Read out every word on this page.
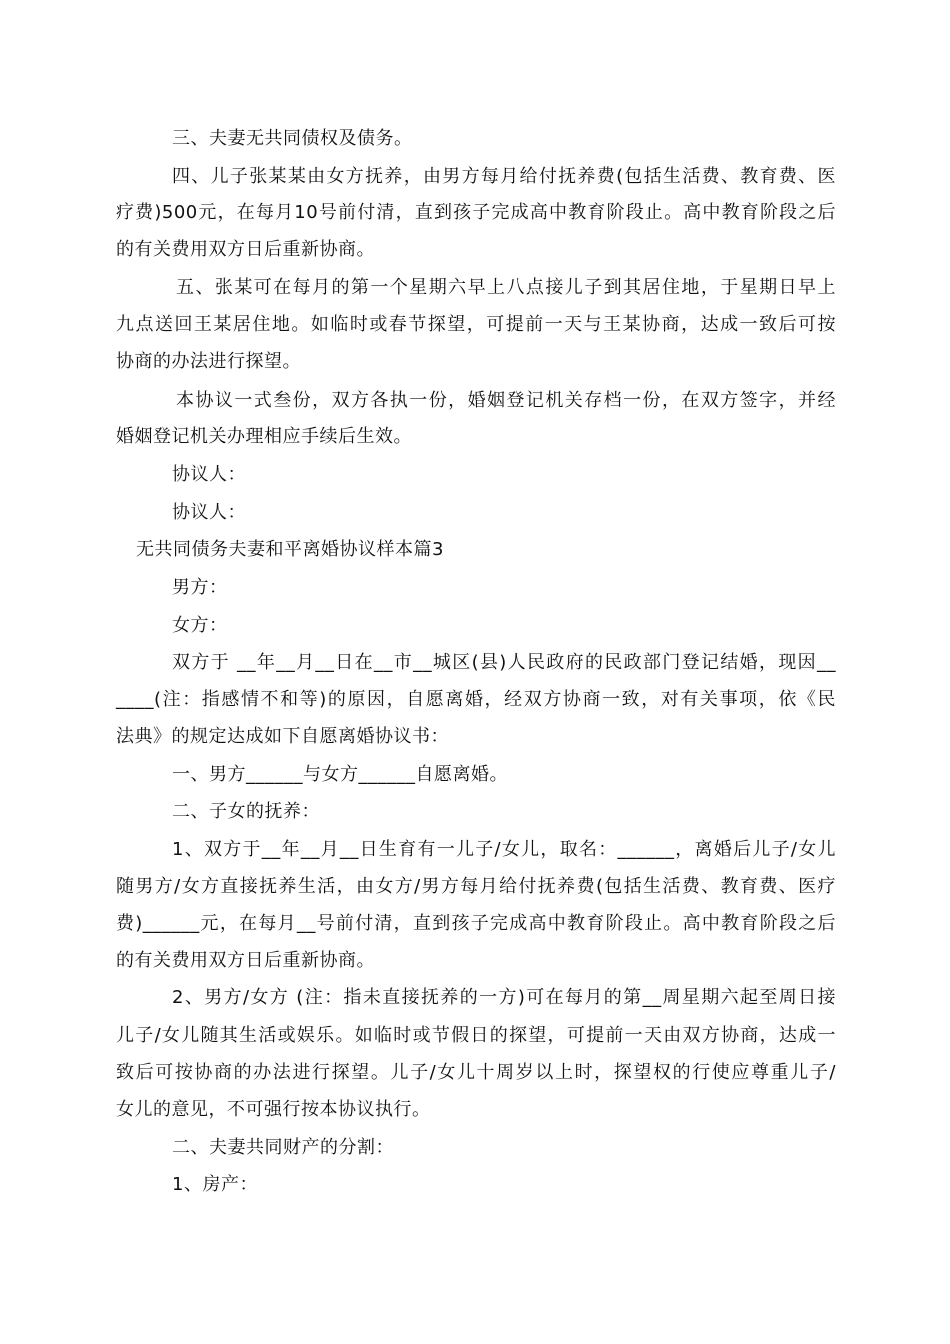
三、夫妻无共同债权及债务。
四、儿子张某某由女方抚养，由男方每月给付抚养费(包括生活费、教育费、医
疗费)500元，在每月10号前付清，直到孩子完成高中教育阶段止。高中教育阶段之后
的有关费用双方日后重新协商。
五、张某可在每月的第一个星期六早上八点接儿子到其居住地，于星期日早上
九点送回王某居住地。如临时或春节探望，可提前一天与王某协商，达成一致后可按
协商的办法进行探望。
本协议一式叁份，双方各执一份，婚姻登记机关存档一份，在双方签字，并经
婚姻登记机关办理相应手续后生效。
协议人：
协议人：
无共同债务夫妻和平离婚协议样本篇3
男方：
女方：
双方于 __年__月__日在__市__城区(县)人民政府的民政部门登记结婚，现因__
____(注：指感情不和等)的原因，自愿离婚，经双方协商一致，对有关事项，依《民
法典》的规定达成如下自愿离婚协议书：
一、男方______与女方______自愿离婚。
二、子女的抚养：
1、双方于__年__月__日生育有一儿子/女儿，取名：______，离婚后儿子/女儿
随男方/女方直接抚养生活，由女方/男方每月给付抚养费(包括生活费、教育费、医疗
费)______元，在每月__号前付清，直到孩子完成高中教育阶段止。高中教育阶段之后
的有关费用双方日后重新协商。
2、男方/女方 (注：指未直接抚养的一方)可在每月的第__周星期六起至周日接
儿子/女儿随其生活或娱乐。如临时或节假日的探望，可提前一天由双方协商，达成一
致后可按协商的办法进行探望。儿子/女儿十周岁以上时，探望权的行使应尊重儿子/
女儿的意见，不可强行按本协议执行。
二、夫妻共同财产的分割：
1、房产：
